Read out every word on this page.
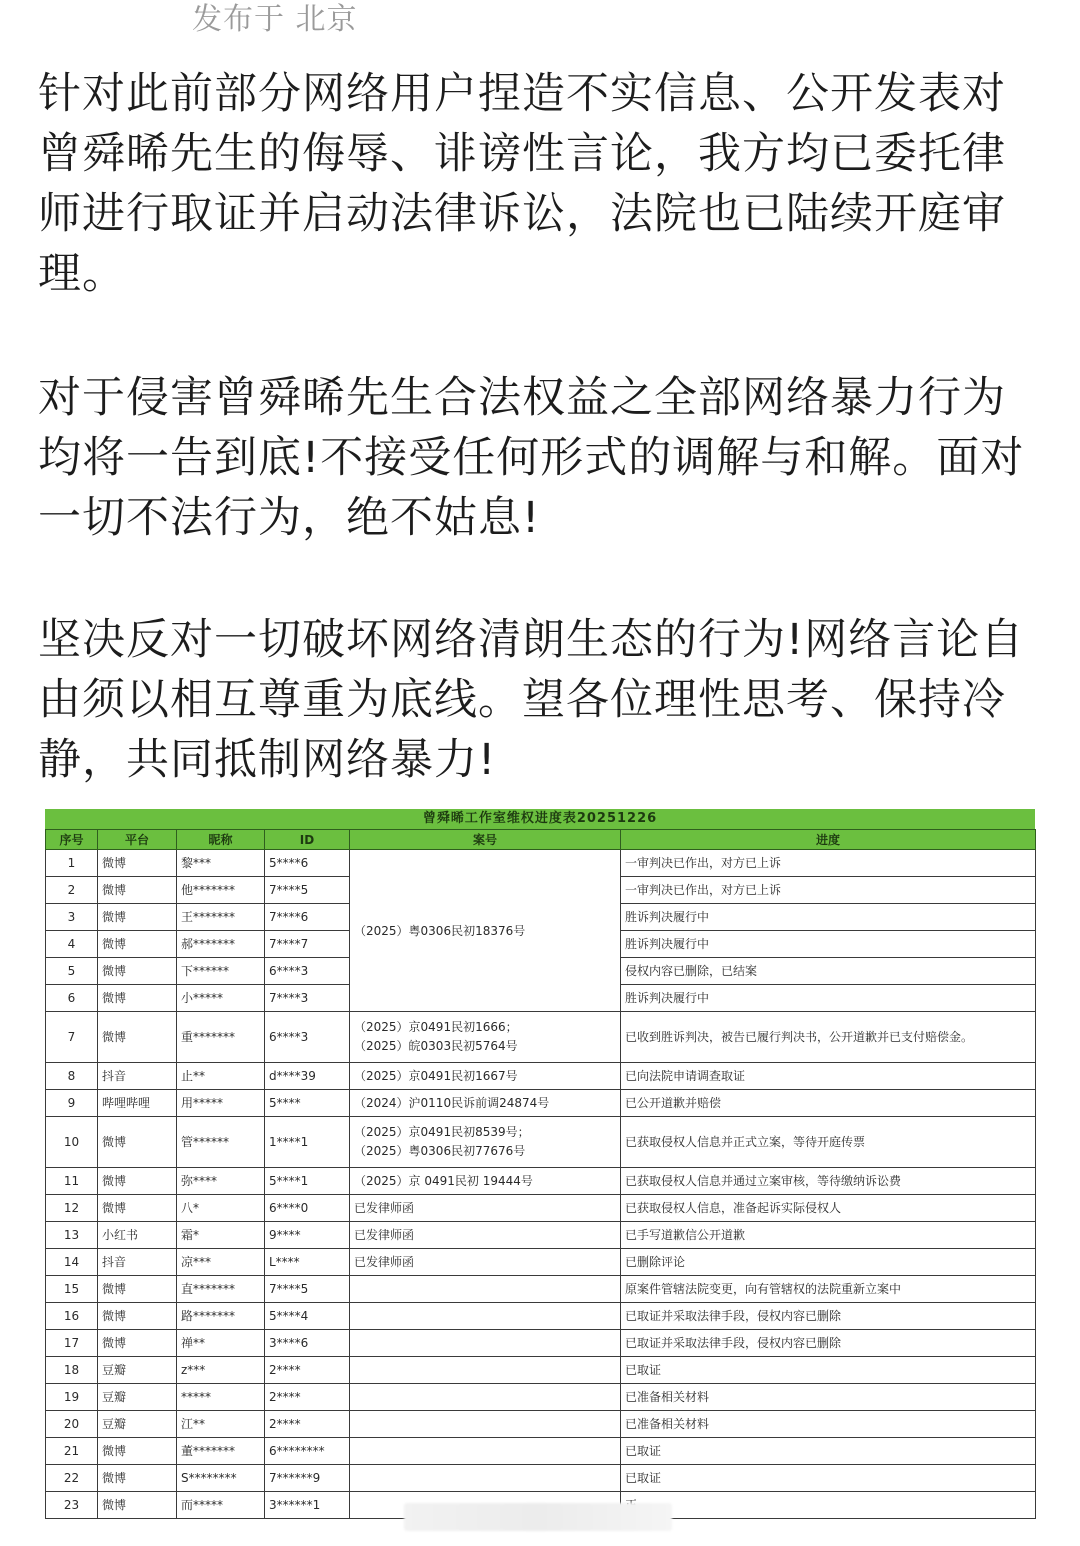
发布于 北京

针对此前部分网络用户捏造不实信息、公开发表对曾舜晞先生的侮辱、诽谤性言论，我方均已委托律师进行取证并启动法律诉讼，法院也已陆续开庭审理。

对于侵害曾舜晞先生合法权益之全部网络暴力行为均将一告到底!不接受任何形式的调解与和解。面对一切不法行为，绝不姑息!

坚决反对一切破坏网络清朗生态的行为!网络言论自由须以相互尊重为底线。望各位理性思考、保持冷静，共同抵制网络暴力!

曾舜晞工作室维权进度表20251226
序号	平台	昵称	ID	案号	进度
1	微博	黎***	5****6	（2025）粤0306民初18376号	一审判决已作出，对方已上诉
2	微博	他*******	7****5		一审判决已作出，对方已上诉
3	微博	王*******	7****6		胜诉判决履行中
4	微博	郝*******	7****7		胜诉判决履行中
5	微博	下******	6****3		侵权内容已删除，已结案
6	微博	小*****	7****3		胜诉判决履行中
7	微博	重*******	6****3	（2025）京0491民初1666；
（2025）皖0303民初5764号	已收到胜诉判决，被告已履行判决书，公开道歉并已支付赔偿金。
8	抖音	止**	d****39	（2025）京0491民初1667号	已向法院申请调查取证
9	哔哩哔哩	用*****	5****	（2024）沪0110民诉前调24874号	已公开道歉并赔偿
10	微博	管******	1****1	（2025）京0491民初8539号；
（2025）粤0306民初77676号	已获取侵权人信息并正式立案，等待开庭传票
11	微博	弥****	5****1	（2025）京 0491民初 19444号	已获取侵权人信息并通过立案审核，等待缴纳诉讼费
12	微博	八*	6****0	已发律师函	已获取侵权人信息，准备起诉实际侵权人
13	小红书	霜*	9****	已发律师函	已手写道歉信公开道歉
14	抖音	凉***	L****	已发律师函	已删除评论
15	微博	直*******	7****5		原案件管辖法院变更，向有管辖权的法院重新立案中
16	微博	路*******	5****4		已取证并采取法律手段，侵权内容已删除
17	微博	禅**	3****6		已取证并采取法律手段，侵权内容已删除
18	豆瓣	z***	2****		已取证
19	豆瓣	*****	2****		已准备相关材料
20	豆瓣	江**	2****		已准备相关材料
21	微博	董*******	6********		已取证
22	微博	S********	7******9		已取证
23	微博	而*****	3******1		
